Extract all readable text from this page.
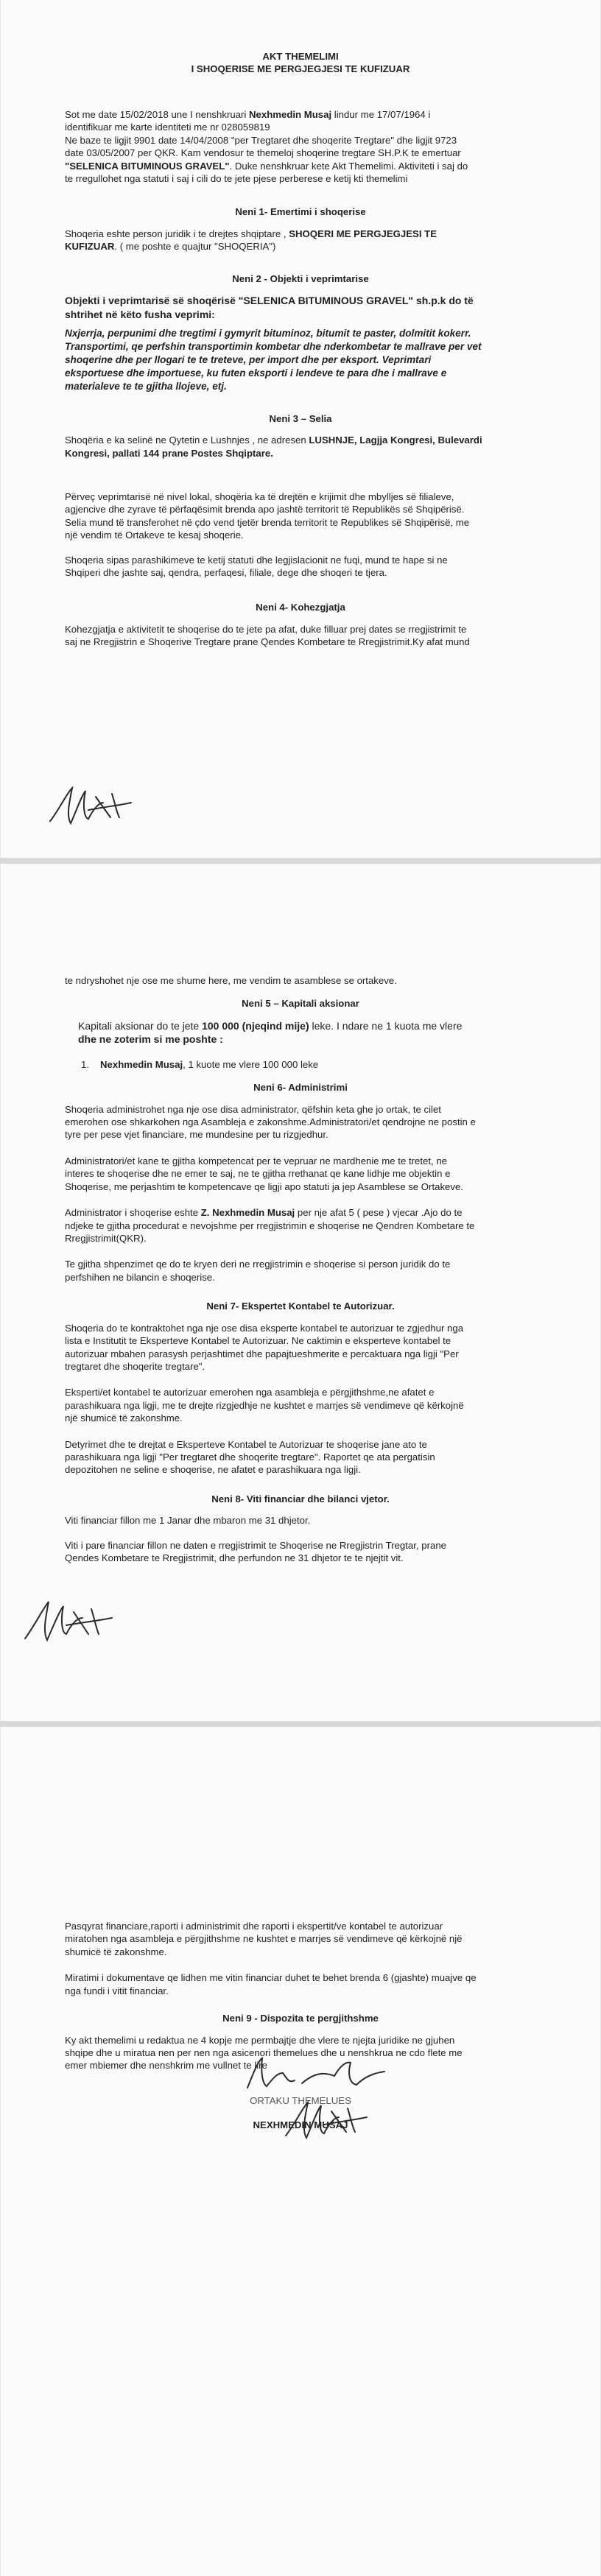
AKT THEMELIMI
I SHOQERISE ME PERGJEGJESI TE KUFIZUAR
Sot me date 15/02/2018 une I nenshkruari Nexhmedin Musaj lindur me 17/07/1964 i
identifikuar me karte identiteti me nr 028059819
Ne baze te ligjit 9901 date 14/04/2008 "per Tregtaret dhe shoqerite Tregtare" dhe ligjit 9723
date 03/05/2007 per QKR. Kam vendosur te themeloj shoqerine tregtare SH.P.K te emertuar
"SELENICA BITUMINOUS GRAVEL". Duke nenshkruar kete Akt Themelimi. Aktiviteti i saj do
te rregullohet nga statuti i saj i cili do te jete pjese perberese e ketij kti themelimi
Neni 1- Emertimi i shoqerise
Shoqeria eshte person juridik i te drejtes shqiptare , SHOQERI ME PERGJEGJESI TE
KUFIZUAR. ( me poshte e quajtur "SHOQERIA")
Neni 2 - Objekti i veprimtarise
Objekti i veprimtarisë së shoqërisë "SELENICA BITUMINOUS GRAVEL" sh.p.k do të
shtrihet në këto fusha veprimi:
Nxjerrja, perpunimi dhe tregtimi i gymyrit bituminoz, bitumit te paster, dolmitit kokerr.
Transportimi, qe perfshin transportimin kombetar dhe nderkombetar te mallrave per vet
shoqerine dhe per llogari te te treteve, per import dhe per eksport. Veprimtari
eksportuese dhe importuese, ku futen eksporti i lendeve te para dhe i mallrave e
materialeve te te gjitha llojeve, etj.
Neni 3 – Selia
Shoqëria e ka selinë ne Qytetin e Lushnjes , ne adresen LUSHNJE, Lagjja Kongresi, Bulevardi
Kongresi, pallati 144 prane Postes Shqiptare.
Përveç veprimtarisë në nivel lokal, shoqëria ka të drejtën e krijimit dhe mbylljes së filialeve,
agjencive dhe zyrave të përfaqësimit brenda apo jashtë territorit të Republikës së Shqipërisë.
Selia mund të transferohet në çdo vend tjetër brenda territorit te Republikes së Shqipërisë, me
një vendim të Ortakeve te kesaj shoqerie.
Shoqeria sipas parashikimeve te ketij statuti dhe legjislacionit ne fuqi, mund te hape si ne
Shqiperi dhe jashte saj, qendra, perfaqesi, filiale, dege dhe shoqeri te tjera.
Neni 4- Kohezgjatja
Kohezgjatja e aktivitetit te shoqerise do te jete pa afat, duke filluar prej dates se rregjistrimit te
saj ne Rregjistrin e Shoqerive Tregtare prane Qendes Kombetare te Rregjistrimit.Ky afat mund
te ndryshohet nje ose me shume here, me vendim te asamblese se ortakeve.
Neni 5 – Kapitali aksionar
Kapitali aksionar do te jete 100 000 (njeqind mije) leke. I ndare ne 1 kuota me vlere
dhe ne zoterim si me poshte :
1. Nexhmedin Musaj, 1 kuote me vlere 100 000 leke
Neni 6- Administrimi
Shoqeria administrohet nga nje ose disa administrator, qëfshin keta ghe jo ortak, te cilet
emerohen ose shkarkohen nga Asambleja e zakonshme.Administratori/et qendrojne ne postin e
tyre per pese vjet financiare, me mundesine per tu rizgjedhur.
Administratori/et kane te gjitha kompetencat per te vepruar ne mardhenie me te tretet, ne
interes te shoqerise dhe ne emer te saj, ne te gjitha rrethanat qe kane lidhje me objektin e
Shoqerise, me perjashtim te kompetencave qe ligji apo statuti ja jep Asamblese se Ortakeve.
Administrator i shoqerise eshte Z. Nexhmedin Musaj per nje afat 5 ( pese ) vjecar .Ajo do te
ndjeke te gjitha procedurat e nevojshme per rregjistrimin e shoqerise ne Qendren Kombetare te
Rregjistrimit(QKR).
Te gjitha shpenzimet qe do te kryen deri ne rregjistrimin e shoqerise si person juridik do te
perfshihen ne bilancin e shoqerise.
Neni 7- Ekspertet Kontabel te Autorizuar.
Shoqeria do te kontraktohet nga nje ose disa eksperte kontabel te autorizuar te zgjedhur nga
lista e Institutit te Eksperteve Kontabel te Autorizuar. Ne caktimin e eksperteve kontabel te
autorizuar mbahen parasysh perjashtimet dhe papajtueshmerite e percaktuara nga ligji "Per
tregtaret dhe shoqerite tregtare".
Eksperti/et kontabel te autorizuar emerohen nga asambleja e përgjithshme,ne afatet e
parashikuara nga ligji, me te drejte rizgjedhje ne kushtet e marrjes së vendimeve që kërkojnë
një shumicë të zakonshme.
Detyrimet dhe te drejtat e Eksperteve Kontabel te Autorizuar te shoqerise jane ato te
parashikuara nga ligji "Per tregtaret dhe shoqerite tregtare". Raportet qe ata pergatisin
depozitohen ne seline e shoqerise, ne afatet e parashikuara nga ligji.
Neni 8- Viti financiar dhe bilanci vjetor.
Viti financiar fillon me 1 Janar dhe mbaron me 31 dhjetor.
Viti i pare financiar fillon ne daten e rregjistrimit te Shoqerise ne Rregjistrin Tregtar, prane
Qendes Kombetare te Rregjistrimit, dhe perfundon ne 31 dhjetor te te njejtit vit.
Pasqyrat financiare,raporti i administrimit dhe raporti i ekspertit/ve kontabel te autorizuar
miratohen nga asambleja e përgjithshme ne kushtet e marrjes së vendimeve që kërkojnë një
shumicë të zakonshme.
Miratimi i dokumentave qe lidhen me vitin financiar duhet te behet brenda 6 (gjashte) muajve qe
nga fundi i vitit financiar.
Neni 9 - Dispozita te pergjithshme
Ky akt themelimi u redaktua ne 4 kopje me permbajtje dhe vlere te njejta juridike ne gjuhen
shqipe dhe u miratua nen per nen nga asicenori themelues dhe u nenshkrua ne cdo flete me
emer mbiemer dhe nenshkrim me vullnet te lire
ORTAKU THEMELUES
NEXHMEDIN MUSAJ
